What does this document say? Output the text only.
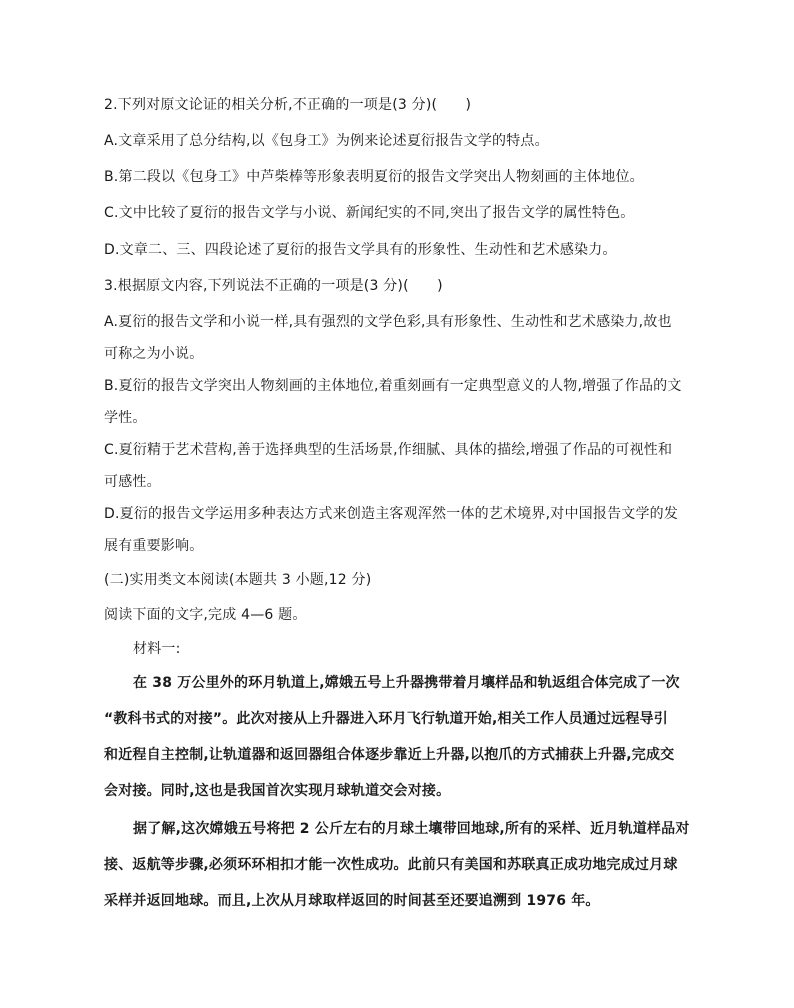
2.下列对原文论证的相关分析,不正确的一项是(3 分)(　　)
A.文章采用了总分结构,以《包身工》为例来论述夏衍报告文学的特点。
B.第二段以《包身工》中芦柴棒等形象表明夏衍的报告文学突出人物刻画的主体地位。
C.文中比较了夏衍的报告文学与小说、新闻纪实的不同,突出了报告文学的属性特色。
D.文章二、三、四段论述了夏衍的报告文学具有的形象性、生动性和艺术感染力。
3.根据原文内容,下列说法不正确的一项是(3 分)(　　)
A.夏衍的报告文学和小说一样,具有强烈的文学色彩,具有形象性、生动性和艺术感染力,故也
可称之为小说。
B.夏衍的报告文学突出人物刻画的主体地位,着重刻画有一定典型意义的人物,增强了作品的文
学性。
C.夏衍精于艺术营构,善于选择典型的生活场景,作细腻、具体的描绘,增强了作品的可视性和
可感性。
D.夏衍的报告文学运用多种表达方式来创造主客观浑然一体的艺术境界,对中国报告文学的发
展有重要影响。
(二)实用类文本阅读(本题共 3 小题,12 分)
阅读下面的文字,完成 4—6 题。
材料一:
在 38 万公里外的环月轨道上,嫦娥五号上升器携带着月壤样品和轨返组合体完成了一次
“教科书式的对接”。此次对接从上升器进入环月飞行轨道开始,相关工作人员通过远程导引
和近程自主控制,让轨道器和返回器组合体逐步靠近上升器,以抱爪的方式捕获上升器,完成交
会对接。同时,这也是我国首次实现月球轨道交会对接。
据了解,这次嫦娥五号将把 2 公斤左右的月球土壤带回地球,所有的采样、近月轨道样品对
接、返航等步骤,必须环环相扣才能一次性成功。此前只有美国和苏联真正成功地完成过月球
采样并返回地球。而且,上次从月球取样返回的时间甚至还要追溯到 1976 年。
